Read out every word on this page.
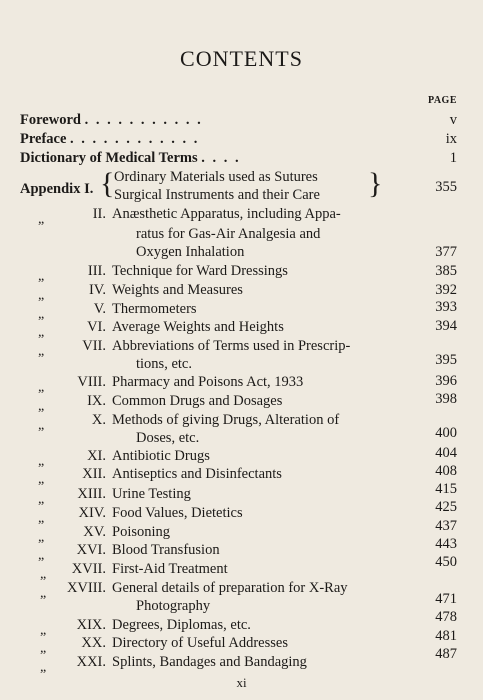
CONTENTS
PAGE
Foreword . . . . . . . . . . .	v
Preface . . . . . . . . . . . .	ix
Dictionary of Medical Terms . . . .	1
Appendix I. { Ordinary Materials used as Sutures
Surgical Instruments and their Care }	355
„	II. Anæsthetic Apparatus, including Appa-
ratus for Gas-Air Analgesia and
Oxygen Inhalation	377
„	III. Technique for Ward Dressings	385
„	IV. Weights and Measures	392
„	V. Thermometers	393
„	VI. Average Weights and Heights	394
„	VII. Abbreviations of Terms used in Prescrip-
tions, etc.	395
„	VIII. Pharmacy and Poisons Act, 1933	396
„	IX. Common Drugs and Dosages	398
„	X. Methods of giving Drugs, Alteration of
Doses, etc.	400
„	XI. Antibiotic Drugs	404
„	XII. Antiseptics and Disinfectants	408
„	XIII. Urine Testing	415
„	XIV. Food Values, Dietetics	425
„	XV. Poisoning	437
„	XVI. Blood Transfusion	443
„	XVII. First-Aid Treatment	450
„	XVIII. General details of preparation for X-Ray
Photography	471
„	XIX. Degrees, Diplomas, etc.	478
„	XX. Directory of Useful Addresses	481
„	XXI. Splints, Bandages and Bandaging	487
xi
